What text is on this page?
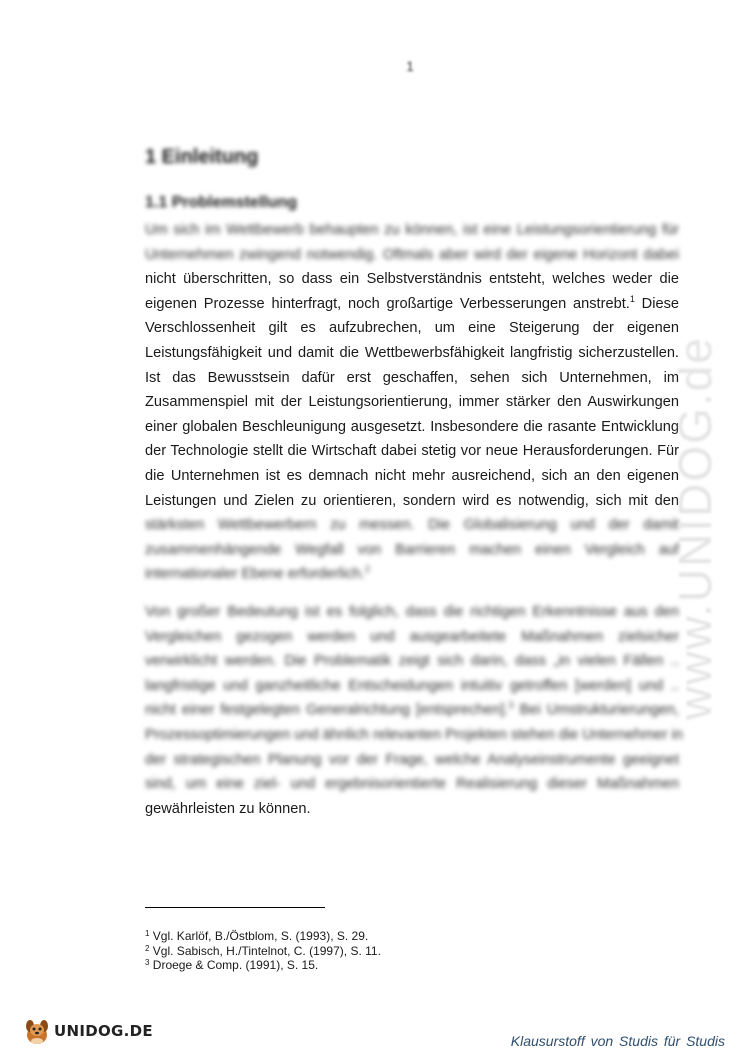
1
1 Einleitung
1.1 Problemstellung
Um sich im Wettbewerb behaupten zu können, ist eine Leistungsorientierung für
Unternehmen zwingend notwendig. Oftmals aber wird der eigene Horizont dabei
nicht überschritten, so dass ein Selbstverständnis entsteht, welches weder die
eigenen Prozesse hinterfragt, noch großartige Verbesserungen anstrebt.$^1$ Diese
Verschlossenheit gilt es aufzubrechen, um eine Steigerung der eigenen
Leistungsfähigkeit und damit die Wettbewerbsfähigkeit langfristig sicherzustellen.
Ist das Bewusstsein dafür erst geschaffen, sehen sich Unternehmen, im
Zusammenspiel mit der Leistungsorientierung, immer stärker den Auswirkungen
einer globalen Beschleunigung ausgesetzt. Insbesondere die rasante Entwicklung
der Technologie stellt die Wirtschaft dabei stetig vor neue Herausforderungen. Für
die Unternehmen ist es demnach nicht mehr ausreichend, sich an den eigenen
Leistungen und Zielen zu orientieren, sondern wird es notwendig, sich mit den
stärksten Wettbewerbern zu messen. Die Globalisierung und der damit
zusammenhängende Wegfall von Barrieren machen einen Vergleich auf
internationaler Ebene erforderlich.$^2$
Von großer Bedeutung ist es folglich, dass die richtigen Erkenntnisse aus den
Vergleichen gezogen werden und ausgearbeitete Maßnahmen zielsicher
verwirklicht werden. Die Problematik zeigt sich darin, dass „in vielen Fällen ..
langfristige und ganzheitliche Entscheidungen intuitiv getroffen [werden] und ..
nicht einer festgelegten Generalrichtung [entsprechen].$^3$ Bei Umstrukturierungen,
Prozessoptimierungen und ähnlich relevanten Projekten stehen die Unternehmer in
der strategischen Planung vor der Frage, welche Analyseinstrumente geeignet
sind, um eine ziel- und ergebnisorientierte Realisierung dieser Maßnahmen
gewährleisten zu können.
www.UNIDOG.de
$^1$ Vgl. Karlöf, B./Östblom, S. (1993), S. 29.
$^2$ Vgl. Sabisch, H./Tintelnot, C. (1997), S. 11.
$^3$ Droege & Comp. (1991), S. 15.
UNIDOG.DE
Klausurstoff von Studis für Studis
